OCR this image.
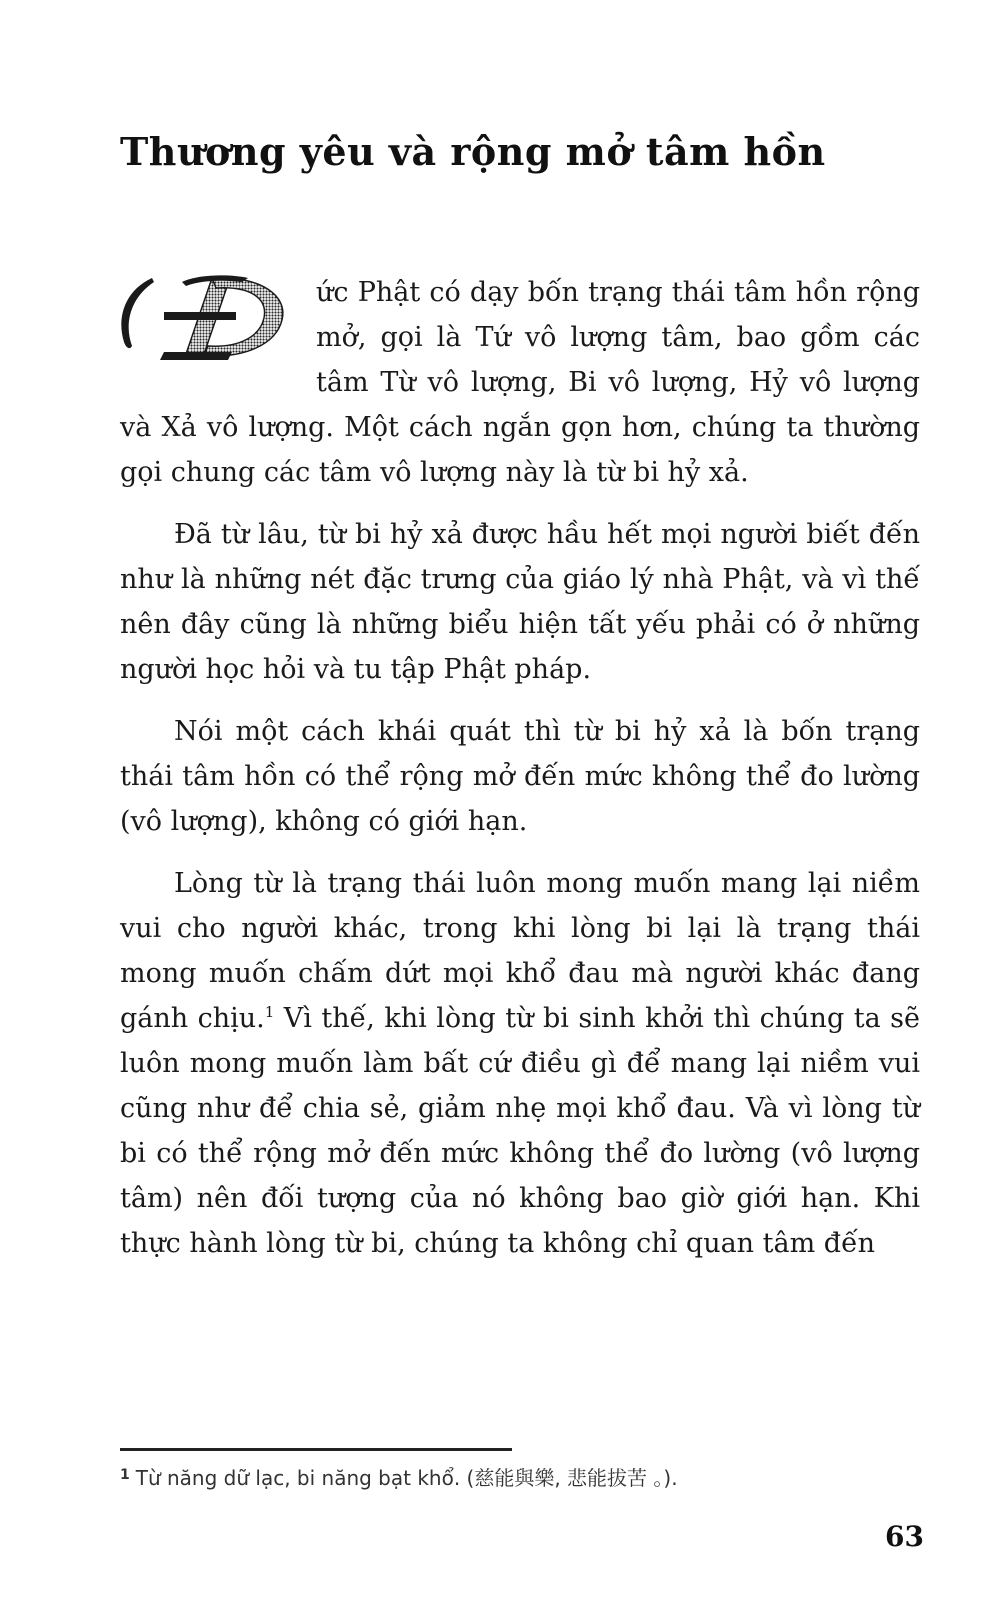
Thương yêu và rộng mở tâm hồn

ức Phật có dạy bốn trạng thái tâm hồn rộng mở, gọi là Tứ vô lượng tâm, bao gồm các tâm Từ vô lượng, Bi vô lượng, Hỷ vô lượng và Xả vô lượng. Một cách ngắn gọn hơn, chúng ta thường gọi chung các tâm vô lượng này là từ bi hỷ xả.

Đã từ lâu, từ bi hỷ xả được hầu hết mọi người biết đến như là những nét đặc trưng của giáo lý nhà Phật, và vì thế nên đây cũng là những biểu hiện tất yếu phải có ở những người học hỏi và tu tập Phật pháp.

Nói một cách khái quát thì từ bi hỷ xả là bốn trạng thái tâm hồn có thể rộng mở đến mức không thể đo lường (vô lượng), không có giới hạn.

Lòng từ là trạng thái luôn mong muốn mang lại niềm vui cho người khác, trong khi lòng bi lại là trạng thái mong muốn chấm dứt mọi khổ đau mà người khác đang gánh chịu.$^1$ Vì thế, khi lòng từ bi sinh khởi thì chúng ta sẽ luôn mong muốn làm bất cứ điều gì để mang lại niềm vui cũng như để chia sẻ, giảm nhẹ mọi khổ đau. Và vì lòng từ bi có thể rộng mở đến mức không thể đo lường (vô lượng tâm) nên đối tượng của nó không bao giờ giới hạn. Khi thực hành lòng từ bi, chúng ta không chỉ quan tâm đến

$^1$ Từ năng dữ lạc, bi năng bạt khổ. (慈能與樂, 悲能拔苦 。).
63
